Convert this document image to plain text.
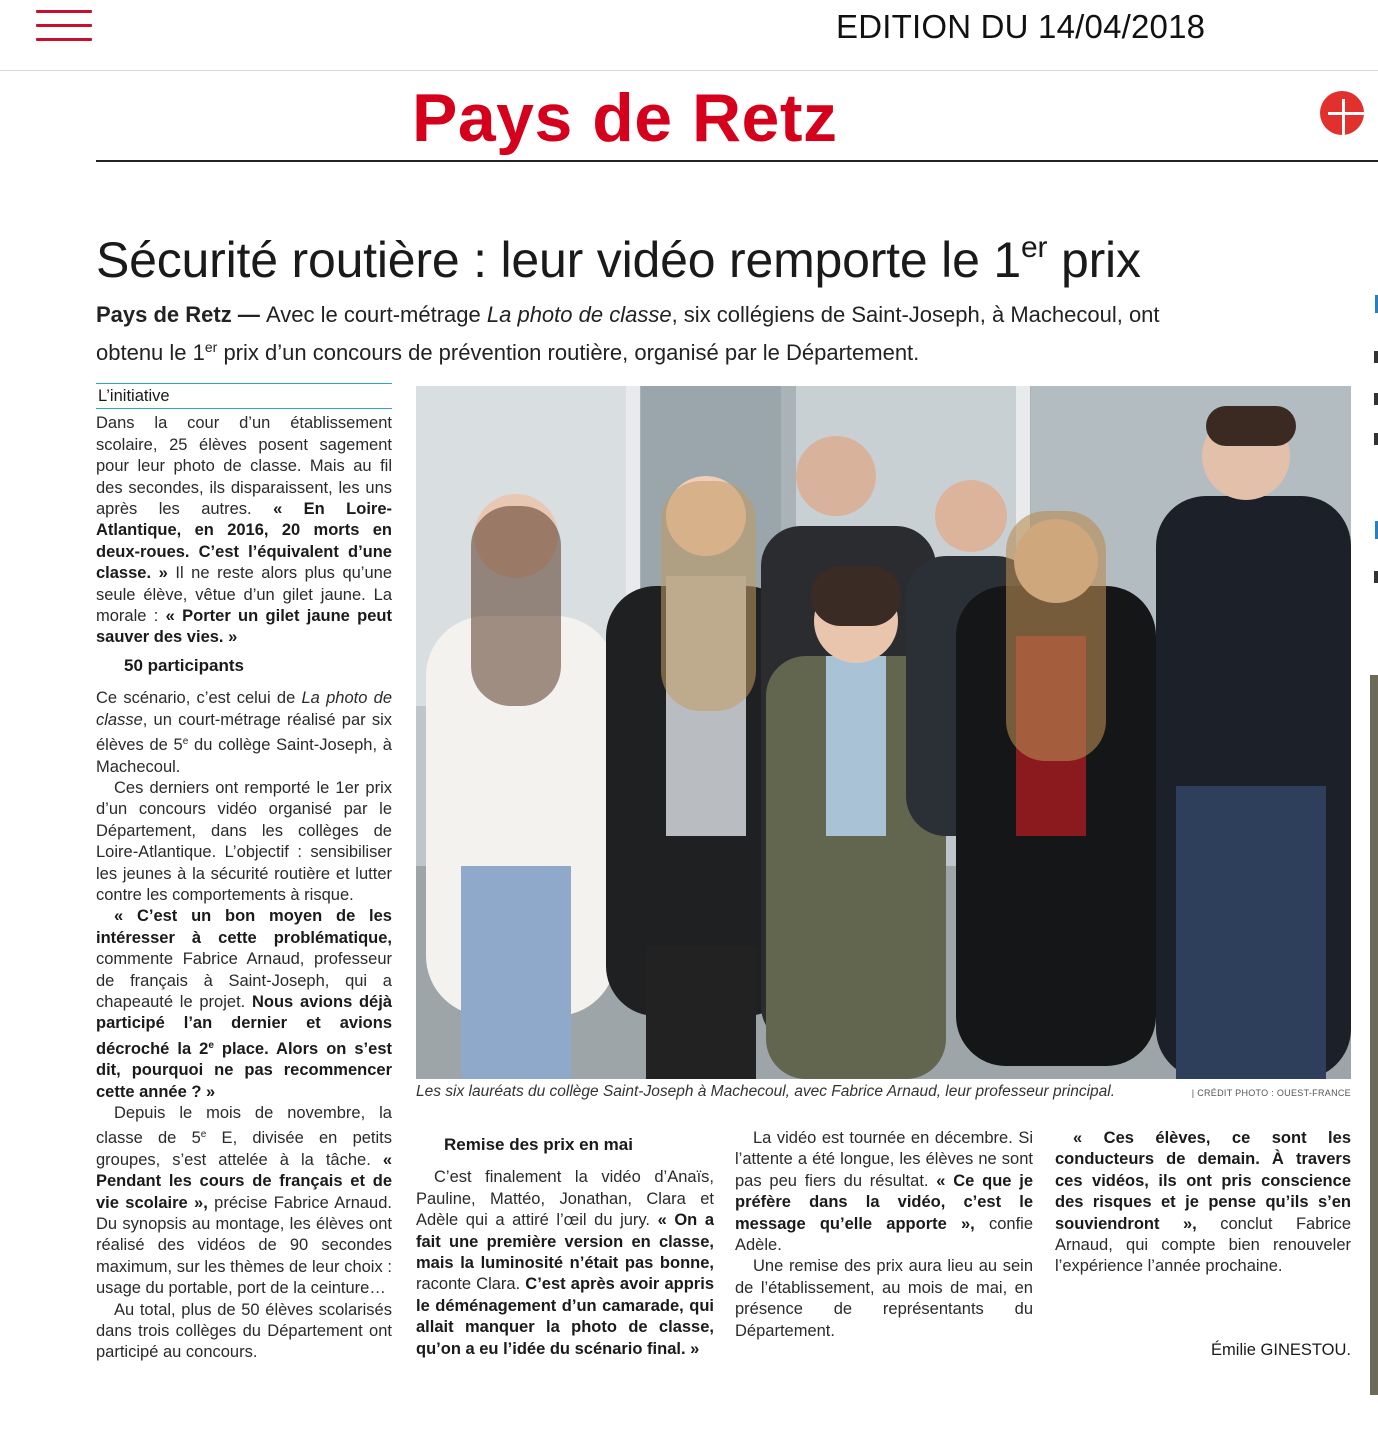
EDITION DU 14/04/2018
Pays de Retz
Sécurité routière : leur vidéo remporte le 1er prix
Pays de Retz — Avec le court-métrage La photo de classe, six collégiens de Saint-Joseph, à Machecoul, ont obtenu le 1er prix d’un concours de prévention routière, organisé par le Département.

L’initiative

Dans la cour d’un établissement scolaire, 25 élèves posent sagement pour leur photo de classe. Mais au fil des secondes, ils disparaissent, les uns après les autres. « En Loire-Atlantique, en 2016, 20 morts en deux-roues. C’est l’équivalent d’une classe. » Il ne reste alors plus qu’une seule élève, vêtue d’un gilet jaune. La morale : « Porter un gilet jaune peut sauver des vies. »

50 participants

Ce scénario, c’est celui de La photo de classe, un court-métrage réalisé par six élèves de 5e du collège Saint-Joseph, à Machecoul.

Ces derniers ont remporté le 1er prix d’un concours vidéo organisé par le Département, dans les collèges de Loire-Atlantique. L’objectif : sensibiliser les jeunes à la sécurité routière et lutter contre les comportements à risque.

« C’est un bon moyen de les intéresser à cette problématique, commente Fabrice Arnaud, professeur de français à Saint-Joseph, qui a chapeauté le projet. Nous avions déjà participé l’an dernier et avions décroché la 2e place. Alors on s’est dit, pourquoi ne pas recommencer cette année ? »

Depuis le mois de novembre, la classe de 5e E, divisée en petits groupes, s’est attelée à la tâche. « Pendant les cours de français et de vie scolaire », précise Fabrice Arnaud. Du synopsis au montage, les élèves ont réalisé des vidéos de 90 secondes maximum, sur les thèmes de leur choix : usage du portable, port de la ceinture…

Au total, plus de 50 élèves scolarisés dans trois collèges du Département ont participé au concours.

Les six lauréats du collège Saint-Joseph à Machecoul, avec Fabrice Arnaud, leur professeur principal.	| CRÉDIT PHOTO : OUEST-FRANCE

Remise des prix en mai

C’est finalement la vidéo d’Anaïs, Pauline, Mattéo, Jonathan, Clara et Adèle qui a attiré l’œil du jury. « On a fait une première version en classe, mais la luminosité n’était pas bonne, raconte Clara. C’est après avoir appris le déménagement d’un camarade, qui allait manquer la photo de classe, qu’on a eu l’idée du scénario final. »

La vidéo est tournée en décembre. Si l’attente a été longue, les élèves ne sont pas peu fiers du résultat. « Ce que je préfère dans la vidéo, c’est le message qu’elle apporte », confie Adèle.

Une remise des prix aura lieu au sein de l’établissement, au mois de mai, en présence de représentants du Département.

« Ces élèves, ce sont les conducteurs de demain. À travers ces vidéos, ils ont pris conscience des risques et je pense qu’ils s’en souviendront », conclut Fabrice Arnaud, qui compte bien renouveler l’expérience l’année prochaine.

Émilie GINESTOU.
